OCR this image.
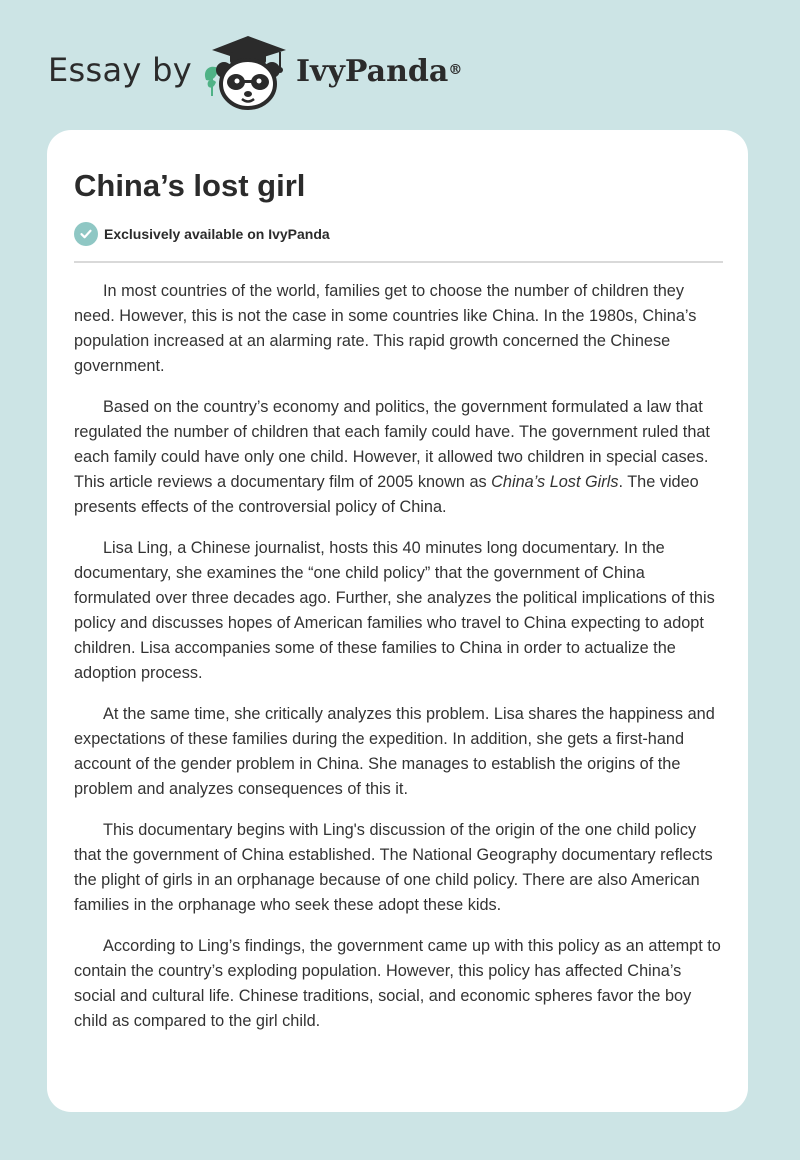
Essay by	IvyPanda®
China’s lost girl
Exclusively available on IvyPanda

In most countries of the world, families get to choose the number of children they need. However, this is not the case in some countries like China. In the 1980s, China’s population increased at an alarming rate. This rapid growth concerned the Chinese government.

Based on the country’s economy and politics, the government formulated a law that regulated the number of children that each family could have. The government ruled that each family could have only one child. However, it allowed two children in special cases. This article reviews a documentary film of 2005 known as China’s Lost Girls. The video presents effects of the controversial policy of China.

Lisa Ling, a Chinese journalist, hosts this 40 minutes long documentary. In the documentary, she examines the “one child policy” that the government of China formulated over three decades ago. Further, she analyzes the political implications of this policy and discusses hopes of American families who travel to China expecting to adopt children. Lisa accompanies some of these families to China in order to actualize the adoption process.

At the same time, she critically analyzes this problem. Lisa shares the happiness and expectations of these families during the expedition. In addition, she gets a first-hand account of the gender problem in China. She manages to establish the origins of the problem and analyzes consequences of this it.

This documentary begins with Ling's discussion of the origin of the one child policy that the government of China established. The National Geography documentary reflects the plight of girls in an orphanage because of one child policy. There are also American families in the orphanage who seek these adopt these kids.

According to Ling’s findings, the government came up with this policy as an attempt to contain the country’s exploding population. However, this policy has affected China’s social and cultural life. Chinese traditions, social, and economic spheres favor the boy child as compared to the girl child.
